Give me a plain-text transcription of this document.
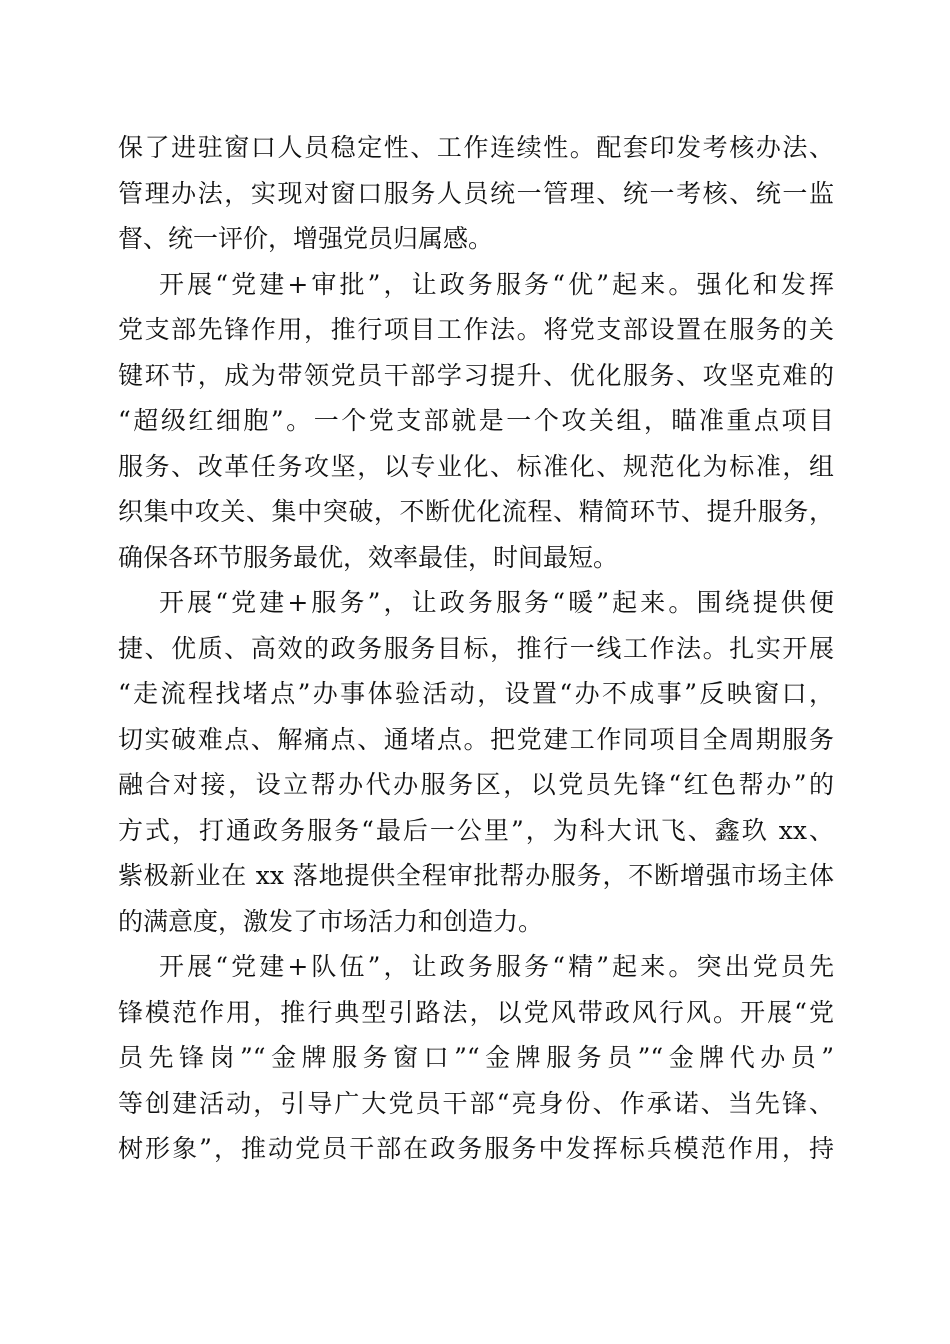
保了进驻窗口人员稳定性、工作连续性。配套印发考核办法、
管理办法，实现对窗口服务人员统一管理、统一考核、统一监
督、统一评价，增强党员归属感。
开展“党建+审批”，让政务服务“优”起来。强化和发挥
党支部先锋作用，推行项目工作法。将党支部设置在服务的关
键环节，成为带领党员干部学习提升、优化服务、攻坚克难的
“超级红细胞”。一个党支部就是一个攻关组，瞄准重点项目
服务、改革任务攻坚，以专业化、标准化、规范化为标准，组
织集中攻关、集中突破，不断优化流程、精简环节、提升服务，
确保各环节服务最优，效率最佳，时间最短。
开展“党建+服务”，让政务服务“暖”起来。围绕提供便
捷、优质、高效的政务服务目标，推行一线工作法。扎实开展
“走流程找堵点”办事体验活动，设置“办不成事”反映窗口，
切实破难点、解痛点、通堵点。把党建工作同项目全周期服务
融合对接，设立帮办代办服务区，以党员先锋“红色帮办”的
方式，打通政务服务“最后一公里”，为科大讯飞、鑫玖 xx、
紫极新业在 xx 落地提供全程审批帮办服务，不断增强市场主体
的满意度，激发了市场活力和创造力。
开展“党建+队伍”，让政务服务“精”起来。突出党员先
锋模范作用，推行典型引路法，以党风带政风行风。开展“党
员先锋岗”“金牌服务窗口”“金牌服务员”“金牌代办员”
等创建活动，引导广大党员干部“亮身份、作承诺、当先锋、
树形象”，推动党员干部在政务服务中发挥标兵模范作用，持
